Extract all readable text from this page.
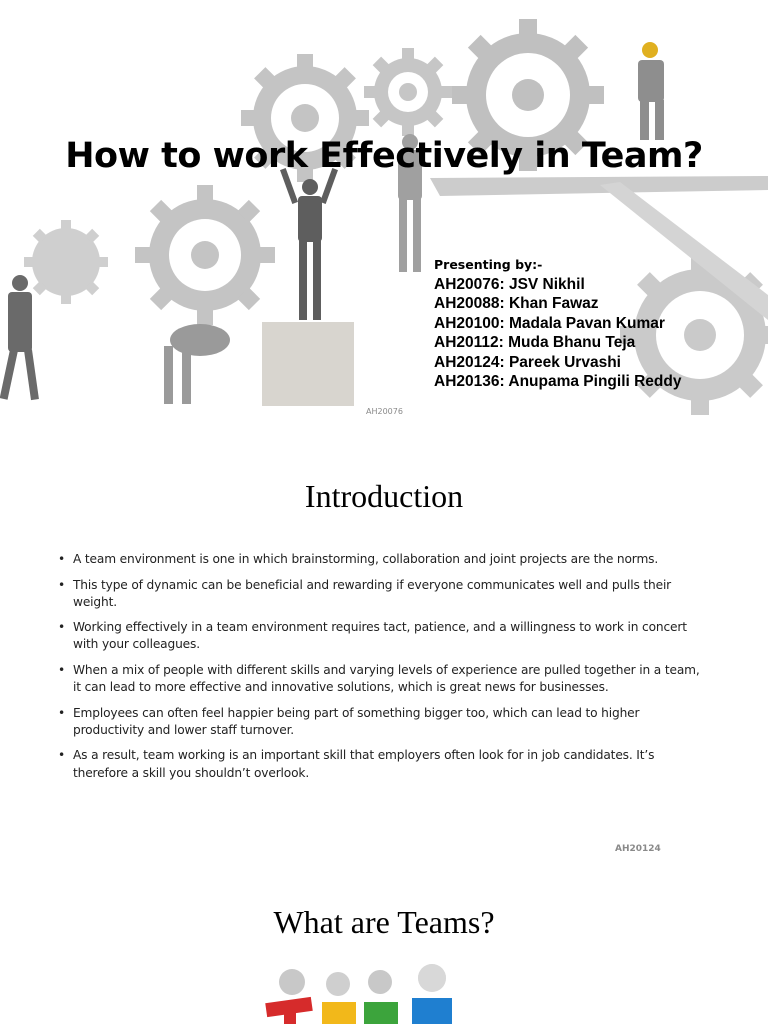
How to work Effectively in Team?
Presenting by:-
AH20076: JSV Nikhil
AH20088: Khan Fawaz
AH20100: Madala Pavan Kumar
AH20112: Muda Bhanu Teja
AH20124: Pareek Urvashi
AH20136: Anupama Pingili Reddy
AH20076
Introduction
• A team environment is one in which brainstorming, collaboration and joint projects are the norms.
• This type of dynamic can be beneficial and rewarding if everyone communicates well and pulls their weight.
• Working effectively in a team environment requires tact, patience, and a willingness to work in concert with your colleagues.
• When a mix of people with different skills and varying levels of experience are pulled together in a team, it can lead to more effective and innovative solutions, which is great news for businesses.
• Employees can often feel happier being part of something bigger too, which can lead to higher productivity and lower staff turnover.
• As a result, team working is an important skill that employers often look for in job candidates. It’s therefore a skill you shouldn’t overlook.
AH20124
What are Teams?
